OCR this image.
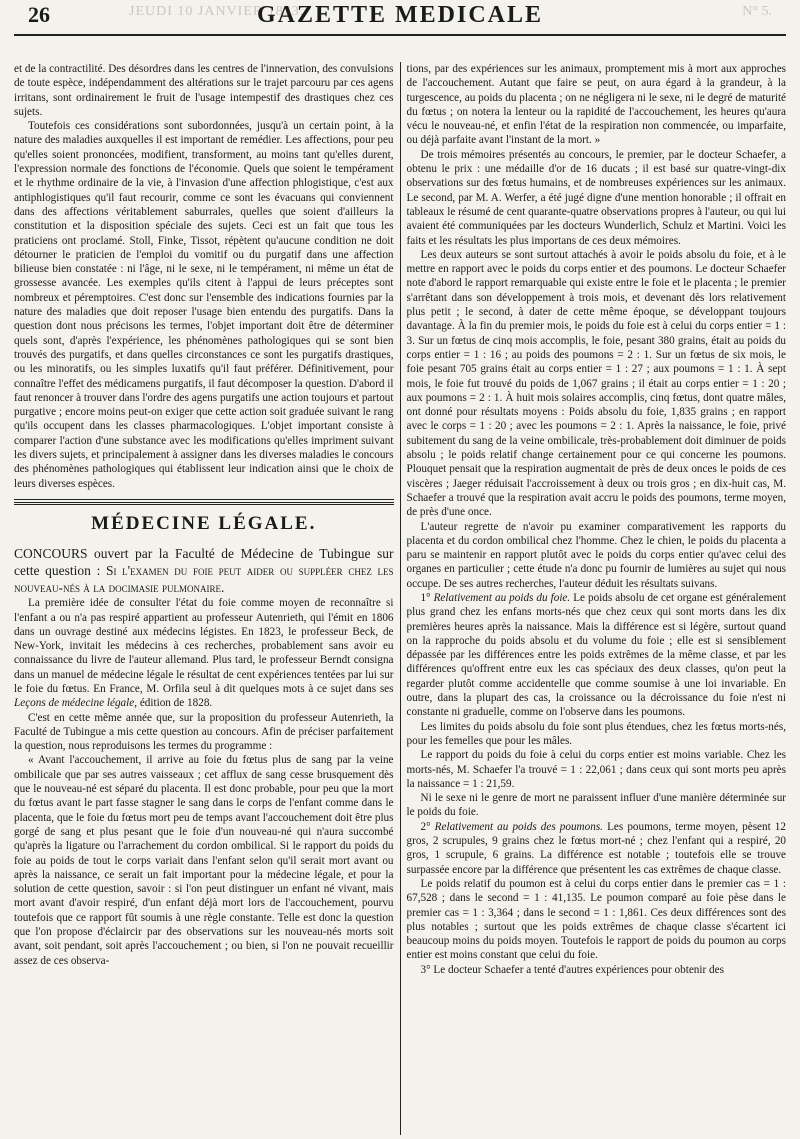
JEUDI 10 JANVIER 1833.
26	GAZETTE MEDICALE	N° 5.

et de la contractilité. Des désordres dans les centres de l'innervation, des convulsions de toute espèce, indépendamment des altérations sur le trajet parcouru par ces agens irritans, sont ordinairement le fruit de l'usage intempestif des drastiques chez ces sujets.

Toutefois ces considérations sont subordonnées, jusqu'à un certain point, à la nature des maladies auxquelles il est important de remédier. Les affections, pour peu qu'elles soient prononcées, modifient, transforment, au moins tant qu'elles durent, l'expression normale des fonctions de l'économie. Quels que soient le tempérament et le rhythme ordinaire de la vie, à l'invasion d'une affection phlogistique, c'est aux antiphlogistiques qu'il faut recourir, comme ce sont les évacuans qui conviennent dans des affections véritablement saburrales, quelles que soient d'ailleurs la constitution et la disposition spéciale des sujets. Ceci est un fait que tous les praticiens ont proclamé. Stoll, Finke, Tissot, répètent qu'aucune condition ne doit détourner le praticien de l'emploi du vomitif ou du purgatif dans une affection bilieuse bien constatée : ni l'âge, ni le sexe, ni le tempérament, ni même un état de grossesse avancée. Les exemples qu'ils citent à l'appui de leurs préceptes sont nombreux et péremptoires. C'est donc sur l'ensemble des indications fournies par la nature des maladies que doit reposer l'usage bien entendu des purgatifs. Dans la question dont nous précisons les termes, l'objet important doit être de déterminer quels sont, d'après l'expérience, les phénomènes pathologiques qui se sont bien trouvés des purgatifs, et dans quelles circonstances ce sont les purgatifs drastiques, ou les minoratifs, ou les simples luxatifs qu'il faut préférer. Définitivement, pour connaître l'effet des médicamens purgatifs, il faut décomposer la question. D'abord il faut renoncer à trouver dans l'ordre des agens purgatifs une action toujours et partout purgative ; encore moins peut-on exiger que cette action soit graduée suivant le rang qu'ils occupent dans les classes pharmacologiques. L'objet important consiste à comparer l'action d'une substance avec les modifications qu'elles impriment suivant les divers sujets, et principalement à assigner dans les diverses maladies le concours des phénomènes pathologiques qui établissent leur indication ainsi que le choix de leurs diverses espèces.

MÉDECINE LÉGALE.

CONCOURS ouvert par la Faculté de Médecine de Tubingue sur cette question : Si l'examen du foie peut aider ou suppléer chez les nouveau-nés à la docimasie pulmonaire.

La première idée de consulter l'état du foie comme moyen de reconnaître si l'enfant a ou n'a pas respiré appartient au professeur Autenrieth, qui l'émit en 1806 dans un ouvrage destiné aux médecins légistes. En 1823, le professeur Beck, de New-York, invitait les médecins à ces recherches, probablement sans avoir eu connaissance du livre de l'auteur allemand. Plus tard, le professeur Berndt consigna dans un manuel de médecine légale le résultat de cent expériences tentées par lui sur le foie du fœtus. En France, M. Orfila seul à dit quelques mots à ce sujet dans ses Leçons de médecine légale, édition de 1828.

C'est en cette même année que, sur la proposition du professeur Autenrieth, la Faculté de Tubingue a mis cette question au concours. Afin de préciser parfaitement la question, nous reproduisons les termes du programme :

« Avant l'accouchement, il arrive au foie du fœtus plus de sang par la veine ombilicale que par ses autres vaisseaux ; cet afflux de sang cesse brusquement dès que le nouveau-né est séparé du placenta. Il est donc probable, pour peu que la mort du fœtus avant le part fasse stagner le sang dans le corps de l'enfant comme dans le placenta, que le foie du fœtus mort peu de temps avant l'accouchement doit être plus gorgé de sang et plus pesant que le foie d'un nouveau-né qui n'aura succombé qu'après la ligature ou l'arrachement du cordon ombilical. Si le rapport du poids du foie au poids de tout le corps variait dans l'enfant selon qu'il serait mort avant ou après la naissance, ce serait un fait important pour la médecine légale, et pour la solution de cette question, savoir : si l'on peut distinguer un enfant né vivant, mais mort avant d'avoir respiré, d'un enfant déjà mort lors de l'accouchement, pourvu toutefois que ce rapport fût soumis à une règle constante. Telle est donc la question que l'on propose d'éclaircir par des observations sur les nouveau-nés morts soit avant, soit pendant, soit après l'accouchement ; ou bien, si l'on ne pouvait recueillir assez de ces observa-

tions, par des expériences sur les animaux, promptement mis à mort aux approches de l'accouchement. Autant que faire se peut, on aura égard à la grandeur, à la turgescence, au poids du placenta ; on ne négligera ni le sexe, ni le degré de maturité du fœtus ; on notera la lenteur ou la rapidité de l'accouchement, les heures qu'aura vécu le nouveau-né, et enfin l'état de la respiration non commencée, ou imparfaite, ou déjà parfaite avant l'instant de la mort. »

De trois mémoires présentés au concours, le premier, par le docteur Schaefer, a obtenu le prix : une médaille d'or de 16 ducats ; il est basé sur quatre-vingt-dix observations sur des fœtus humains, et de nombreuses expériences sur les animaux. Le second, par M. A. Werfer, a été jugé digne d'une mention honorable ; il offrait en tableaux le résumé de cent quarante-quatre observations propres à l'auteur, ou qui lui avaient été communiquées par les docteurs Wunderlich, Schulz et Martini. Voici les faits et les résultats les plus importans de ces deux mémoires.

Les deux auteurs se sont surtout attachés à avoir le poids absolu du foie, et à le mettre en rapport avec le poids du corps entier et des poumons. Le docteur Schaefer note d'abord le rapport remarquable qui existe entre le foie et le placenta ; le premier s'arrêtant dans son développement à trois mois, et devenant dès lors relativement plus petit ; le second, à dater de cette même époque, se développant toujours davantage. À la fin du premier mois, le poids du foie est à celui du corps entier = 1 : 3. Sur un fœtus de cinq mois accomplis, le foie, pesant 380 grains, était au poids du corps entier = 1 : 16 ; au poids des poumons = 2 : 1. Sur un fœtus de six mois, le foie pesant 705 grains était au corps entier = 1 : 27 ; aux poumons = 1 : 1. À sept mois, le foie fut trouvé du poids de 1,067 grains ; il était au corps entier = 1 : 20 ; aux poumons = 2 : 1. À huit mois solaires accomplis, cinq fœtus, dont quatre mâles, ont donné pour résultats moyens : Poids absolu du foie, 1,835 grains ; en rapport avec le corps = 1 : 20 ; avec les poumons = 2 : 1. Après la naissance, le foie, privé subitement du sang de la veine ombilicale, très-probablement doit diminuer de poids absolu ; le poids relatif change certainement pour ce qui concerne les poumons. Plouquet pensait que la respiration augmentait de près de deux onces le poids de ces viscères ; Jaeger réduisait l'accroissement à deux ou trois gros ; en dix-huit cas, M. Schaefer a trouvé que la respiration avait accru le poids des poumons, terme moyen, de près d'une once.

L'auteur regrette de n'avoir pu examiner comparativement les rapports du placenta et du cordon ombilical chez l'homme. Chez le chien, le poids du placenta a paru se maintenir en rapport plutôt avec le poids du corps entier qu'avec celui des organes en particulier ; cette étude n'a donc pu fournir de lumières au sujet qui nous occupe. De ses autres recherches, l'auteur déduit les résultats suivans.

1° Relativement au poids du foie. Le poids absolu de cet organe est généralement plus grand chez les enfans morts-nés que chez ceux qui sont morts dans les dix premières heures après la naissance. Mais la différence est si légère, surtout quand on la rapproche du poids absolu et du volume du foie ; elle est si sensiblement dépassée par les différences entre les poids extrêmes de la même classe, et par les différences qu'offrent entre eux les cas spéciaux des deux classes, qu'on peut la regarder plutôt comme accidentelle que comme soumise à une loi invariable. En outre, dans la plupart des cas, la croissance ou la décroissance du foie n'est ni constante ni graduelle, comme on l'observe dans les poumons.

Les limites du poids absolu du foie sont plus étendues, chez les fœtus morts-nés, pour les femelles que pour les mâles.

Le rapport du poids du foie à celui du corps entier est moins variable. Chez les morts-nés, M. Schaefer l'a trouvé = 1 : 22,061 ; dans ceux qui sont morts peu après la naissance = 1 : 21,59.

Ni le sexe ni le genre de mort ne paraissent influer d'une manière déterminée sur le poids du foie.

2° Relativement au poids des poumons. Les poumons, terme moyen, pèsent 12 gros, 2 scrupules, 9 grains chez le fœtus mort-né ; chez l'enfant qui a respiré, 20 gros, 1 scrupule, 6 grains. La différence est notable ; toutefois elle se trouve surpassée encore par la différence que présentent les cas extrêmes de chaque classe.

Le poids relatif du poumon est à celui du corps entier dans le premier cas = 1 : 67,528 ; dans le second = 1 : 41,135. Le poumon comparé au foie pèse dans le premier cas = 1 : 3,364 ; dans le second = 1 : 1,861. Ces deux différences sont des plus notables ; surtout que les poids extrêmes de chaque classe s'écartent ici beaucoup moins du poids moyen. Toutefois le rapport de poids du poumon au corps entier est moins constant que celui du foie.

3° Le docteur Schaefer a tenté d'autres expériences pour obtenir des
